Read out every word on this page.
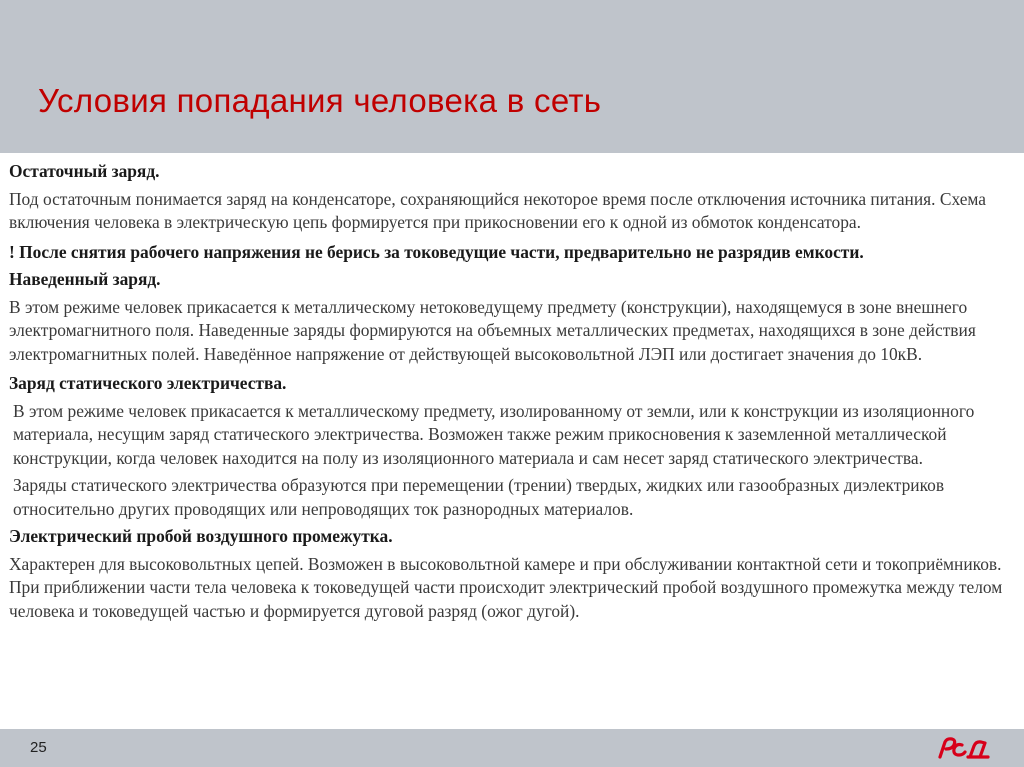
Условия попадания человека в сеть
Остаточный заряд.
Под остаточным понимается заряд на конденсаторе, сохраняющийся некоторое время после отключения источника питания. Схема включения человека в электрическую цепь формируется при прикосновении его к одной из обмоток конденсатора.
! После снятия рабочего напряжения не берись за токоведущие части, предварительно не разрядив емкости.
Наведенный заряд.
В этом режиме человек прикасается к металлическому нетоковедущему предмету (конструкции), находящемуся в зоне внешнего электромагнитного поля. Наведенные заряды формируются на объемных металлических предметах, находящихся в зоне действия электромагнитных полей. Наведённое напряжение от действующей высоковольтной ЛЭП или достигает значения до 10кВ.
Заряд статического электричества.
В этом режиме человек прикасается к металлическому предмету, изолированному от земли, или к конструкции из изоляционного материала, несущим заряд статического электричества. Возможен также режим прикосновения к заземленной металлической конструкции, когда человек находится на полу из изоляционного материала и сам несет заряд статического электричества.
Заряды статического электричества образуются при перемещении (трении) твердых, жидких или газообразных диэлектриков относительно других проводящих или непроводящих ток разнородных материалов.
Электрический пробой воздушного промежутка.
Характерен для высоковольтных цепей. Возможен в высоковольтной камере и при обслуживании контактной сети и токоприёмников. При приближении части тела человека к токоведущей части происходит электрический пробой воздушного промежутка между телом человека и токоведущей частью и формируется дуговой разряд (ожог дугой).
25
